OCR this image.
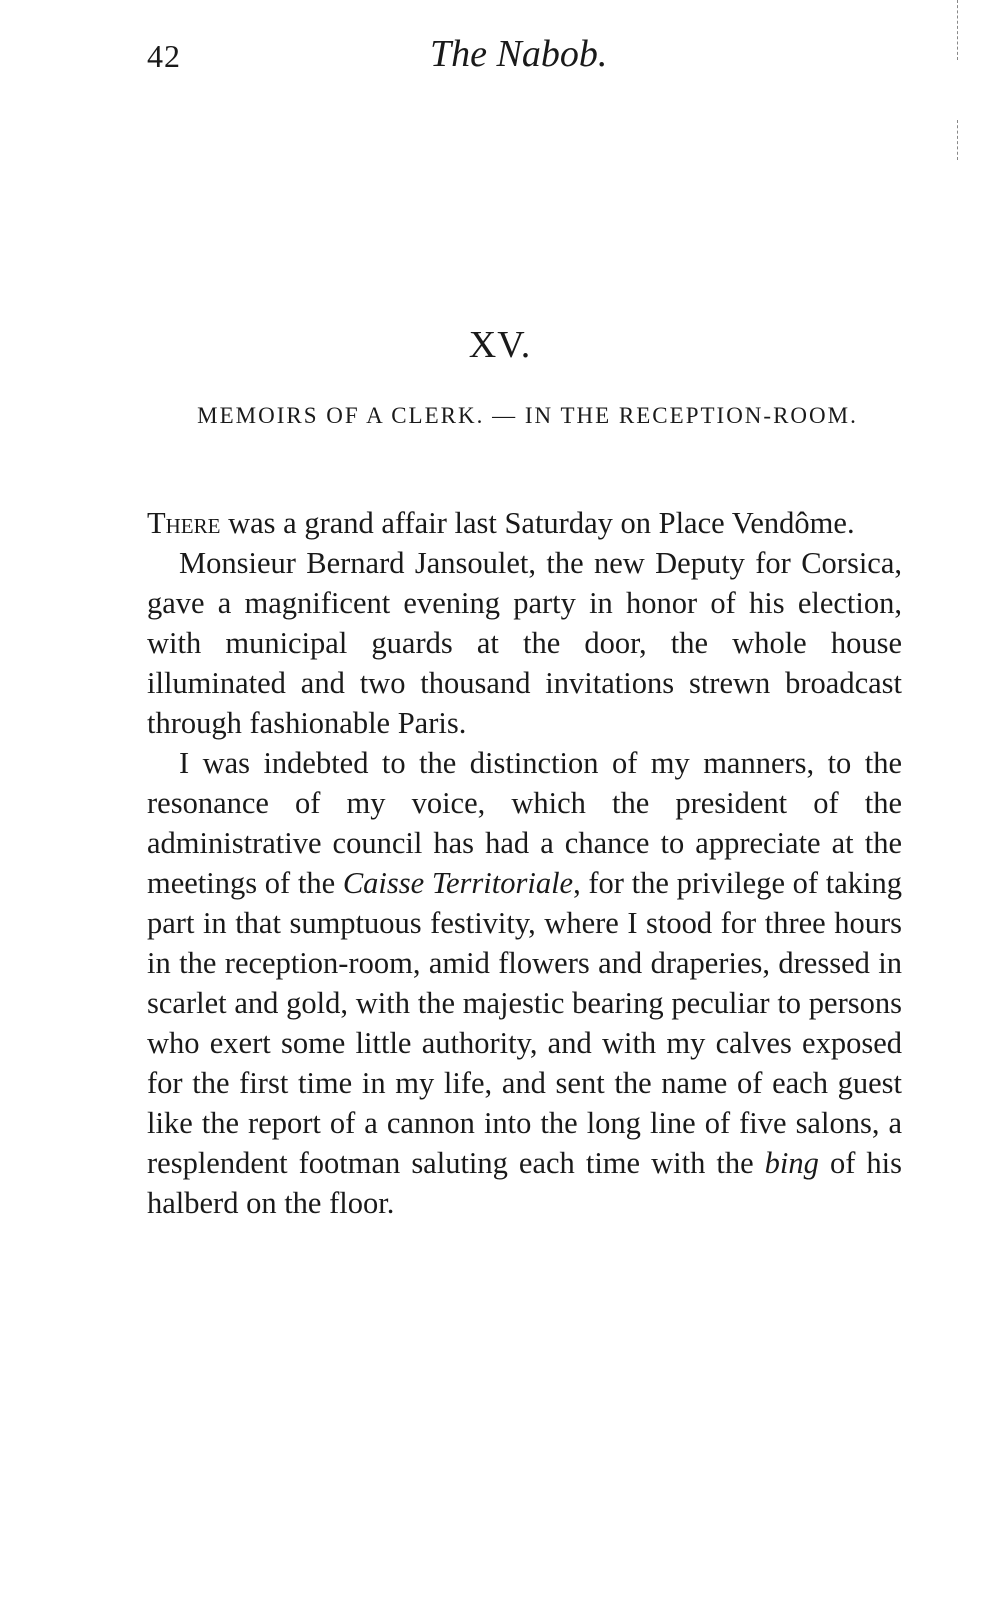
42	The Nabob.
XV.
MEMOIRS OF A CLERK. — IN THE RECEPTION-ROOM.

There was a grand affair last Saturday on Place Vendôme.

Monsieur Bernard Jansoulet, the new Deputy for Corsica, gave a magnificent evening party in honor of his election, with municipal guards at the door, the whole house illuminated and two thousand invitations strewn broadcast through fashionable Paris.

I was indebted to the distinction of my manners, to the resonance of my voice, which the president of the administrative council has had a chance to appreciate at the meetings of the Caisse Territoriale, for the privilege of taking part in that sumptuous festivity, where I stood for three hours in the reception-room, amid flowers and draperies, dressed in scarlet and gold, with the majestic bearing peculiar to persons who exert some little authority, and with my calves exposed for the first time in my life, and sent the name of each guest like the report of a cannon into the long line of five salons, a resplendent footman saluting each time with the bing of his halberd on the floor.
